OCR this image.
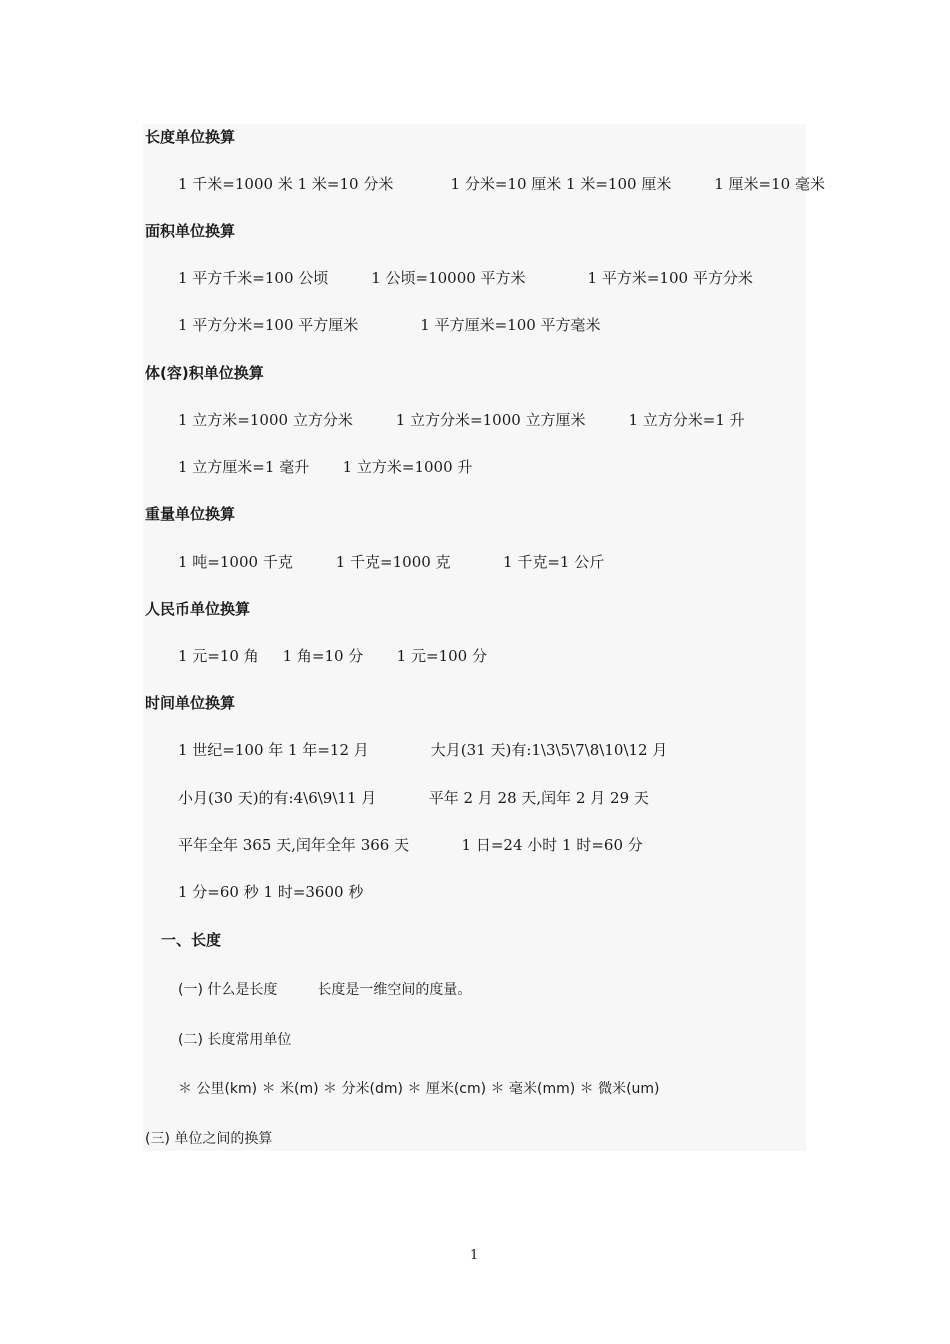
长度单位换算
1 千米=1000 米 1 米=10 分米            1 分米=10 厘米 1 米=100 厘米         1 厘米=10 毫米
面积单位换算
1 平方千米=100 公顷         1 公顷=10000 平方米             1 平方米=100 平方分米
1 平方分米=100 平方厘米             1 平方厘米=100 平方毫米
体(容)积单位换算
1 立方米=1000 立方分米         1 立方分米=1000 立方厘米         1 立方分米=1 升
1 立方厘米=1 毫升       1 立方米=1000 升
重量单位换算
1 吨=1000 千克         1 千克=1000 克           1 千克=1 公斤
人民币单位换算
1 元=10 角     1 角=10 分       1 元=100 分
时间单位换算
1 世纪=100 年 1 年=12 月             大月(31 天)有:1\3\5\7\8\10\12 月
小月(30 天)的有:4\6\9\11 月           平年 2 月 28 天,闰年 2 月 29 天
平年全年 365 天,闰年全年 366 天           1 日=24 小时 1 时=60 分
1 分=60 秒 1 时=3600 秒
一、长度
(一) 什么是长度         长度是一维空间的度量。
(二) 长度常用单位
＊ 公里(km) ＊ 米(m) ＊ 分米(dm) ＊ 厘米(cm) ＊ 毫米(mm) ＊ 微米(um)
(三) 单位之间的换算
1
